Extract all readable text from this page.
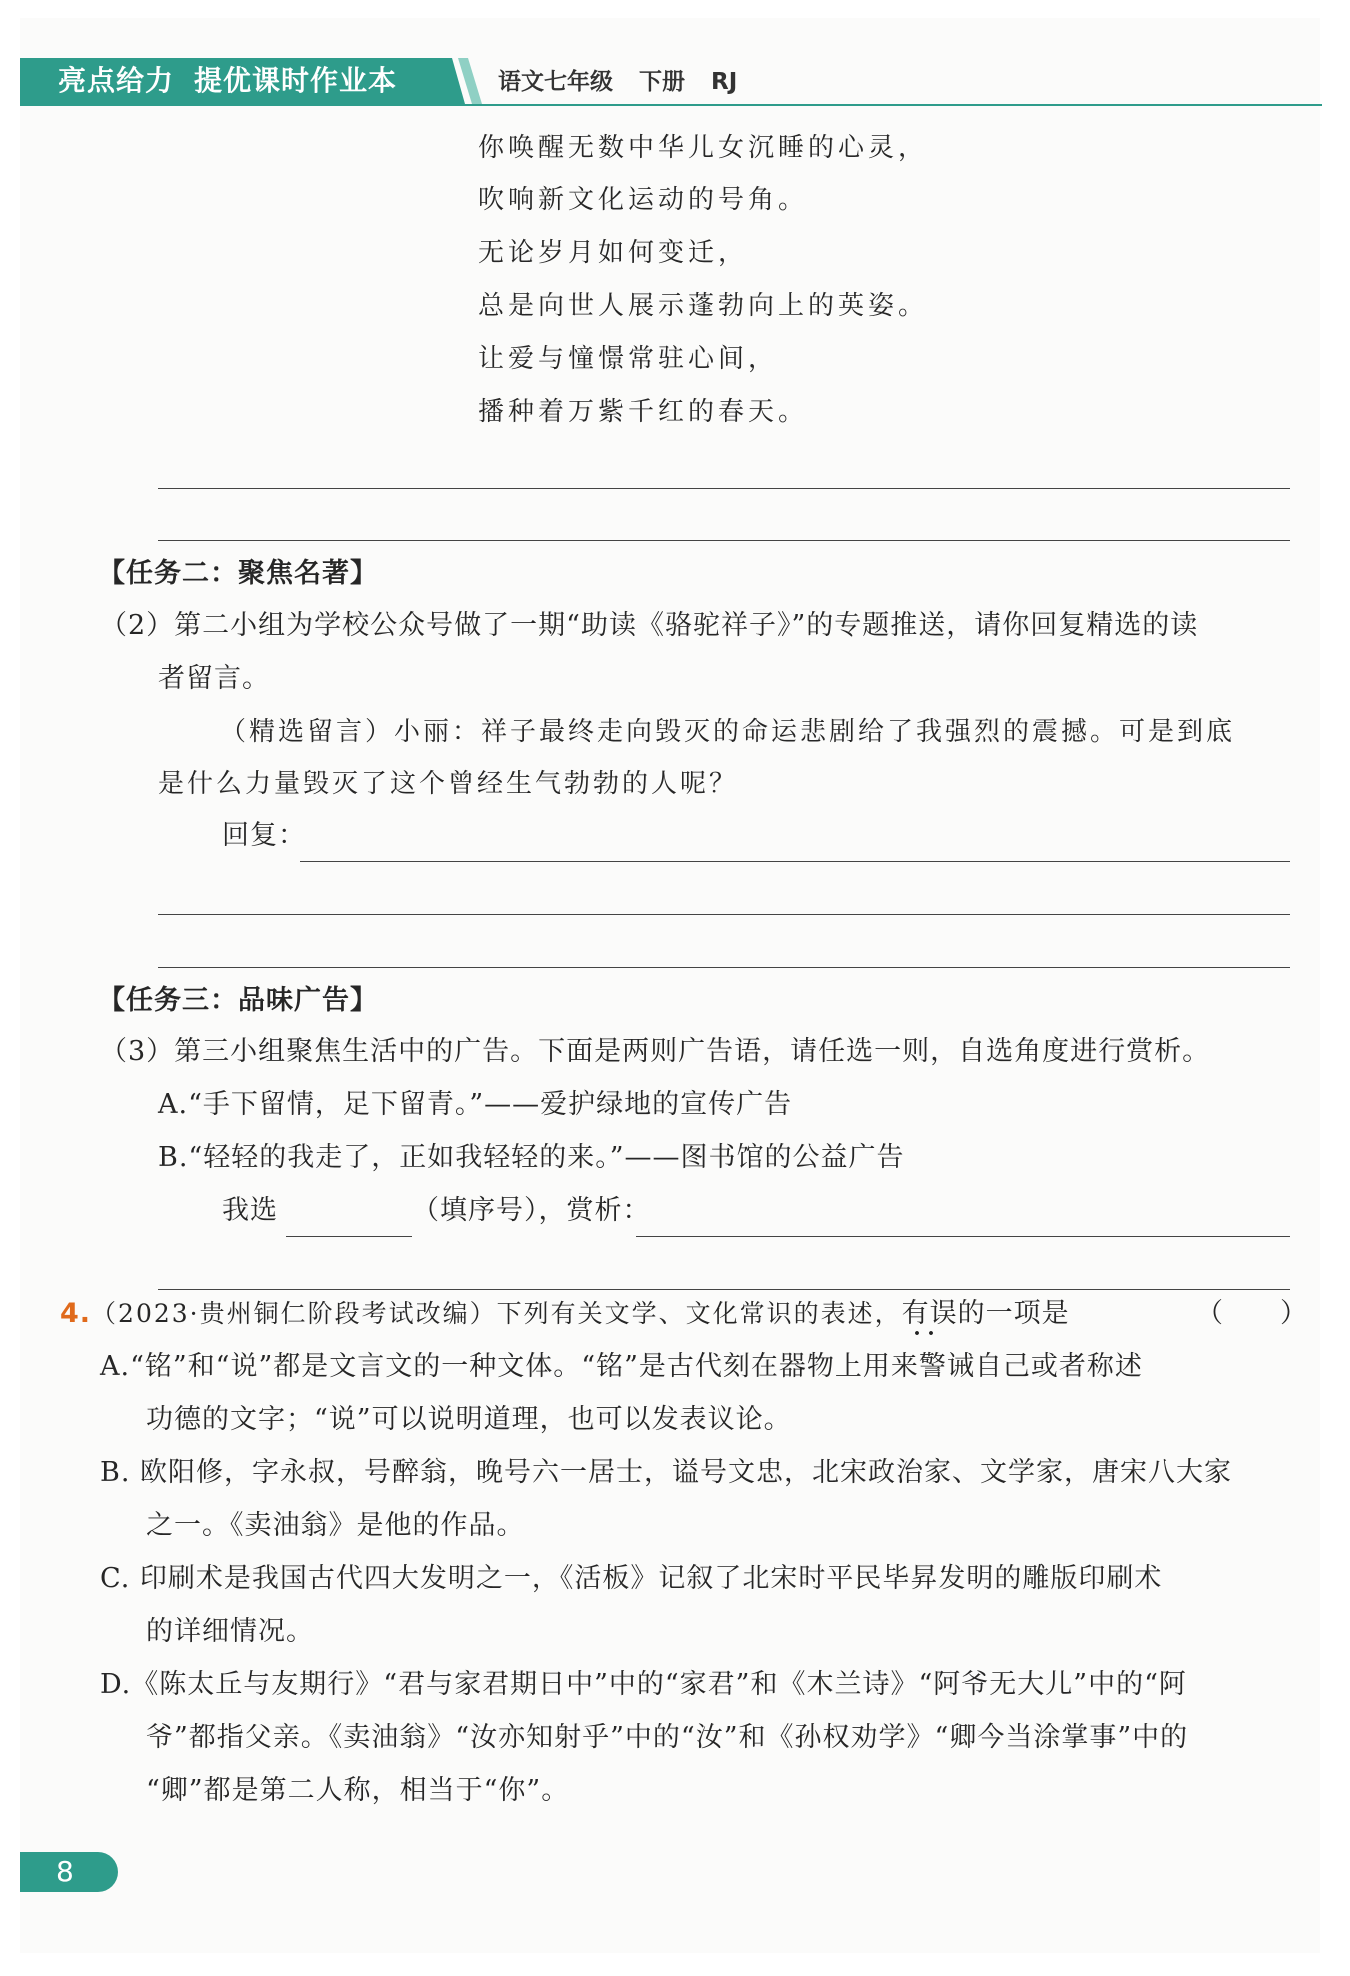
亮点给力 提优课时作业本	语文七年级 下册 RJ
你唤醒无数中华儿女沉睡的心灵，
吹响新文化运动的号角。
无论岁月如何变迁，
总是向世人展示蓬勃向上的英姿。
让爱与憧憬常驻心间，
播种着万紫千红的春天。
【任务二：聚焦名著】
（2）第二小组为学校公众号做了一期“助读《骆驼祥子》”的专题推送，请你回复精选的读
者留言。
（精选留言）小丽：祥子最终走向毁灭的命运悲剧给了我强烈的震撼。可是到底
是什么力量毁灭了这个曾经生气勃勃的人呢？
回复：
【任务三：品味广告】
（3）第三小组聚焦生活中的广告。下面是两则广告语，请任选一则，自选角度进行赏析。
A.“手下留情，足下留青。”——爱护绿地的宣传广告
B.“轻轻的我走了，正如我轻轻的来。”——图书馆的公益广告
我选	（填序号），赏析：
4.（2023·贵州铜仁阶段考试改编）下列有关文学、文化常识的表述，有误的一项是	（　　）
A.“铭”和“说”都是文言文的一种文体。“铭”是古代刻在器物上用来警诫自己或者称述
功德的文字；“说”可以说明道理，也可以发表议论。
B. 欧阳修，字永叔，号醉翁，晚号六一居士，谥号文忠，北宋政治家、文学家，唐宋八大家
之一。《卖油翁》是他的作品。
C. 印刷术是我国古代四大发明之一，《活板》记叙了北宋时平民毕昇发明的雕版印刷术
的详细情况。
D.《陈太丘与友期行》“君与家君期日中”中的“家君”和《木兰诗》“阿爷无大儿”中的“阿
爷”都指父亲。《卖油翁》“汝亦知射乎”中的“汝”和《孙权劝学》“卿今当涂掌事”中的
“卿”都是第二人称，相当于“你”。
8
